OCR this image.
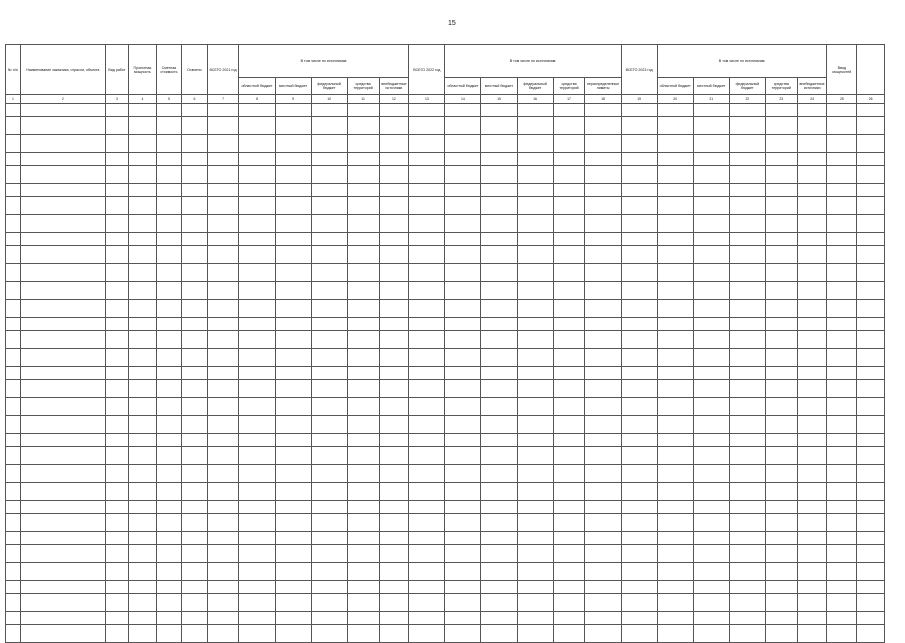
15
№ п/п	Наименование заказчика, отрасли, объекта	Вид работ	Проектная мощность	Сметная стоимость	Освоено	ВСЕГО 2021 год	В том числе по источникам:					ВСЕГО 2022 год	В том числе по источникам:					ВСЕГО 2023 год	В том числе по источникам:					Ввод мощностей	
							областной бюджет	местный бюджет	федеральный бюджет	средства территорий	внебюджетные источники		областной бюджет	местный бюджет	федеральный бюджет	средства территорий	нераспределенные лимиты		областной бюджет	местный бюджет	федеральный бюджет	средства территорий	внебюджетные источники		
1	2	3	4	5	6	7	8	9	10	11	12	13	14	15	16	17	18	19	20	21	22	23	24	25	26
